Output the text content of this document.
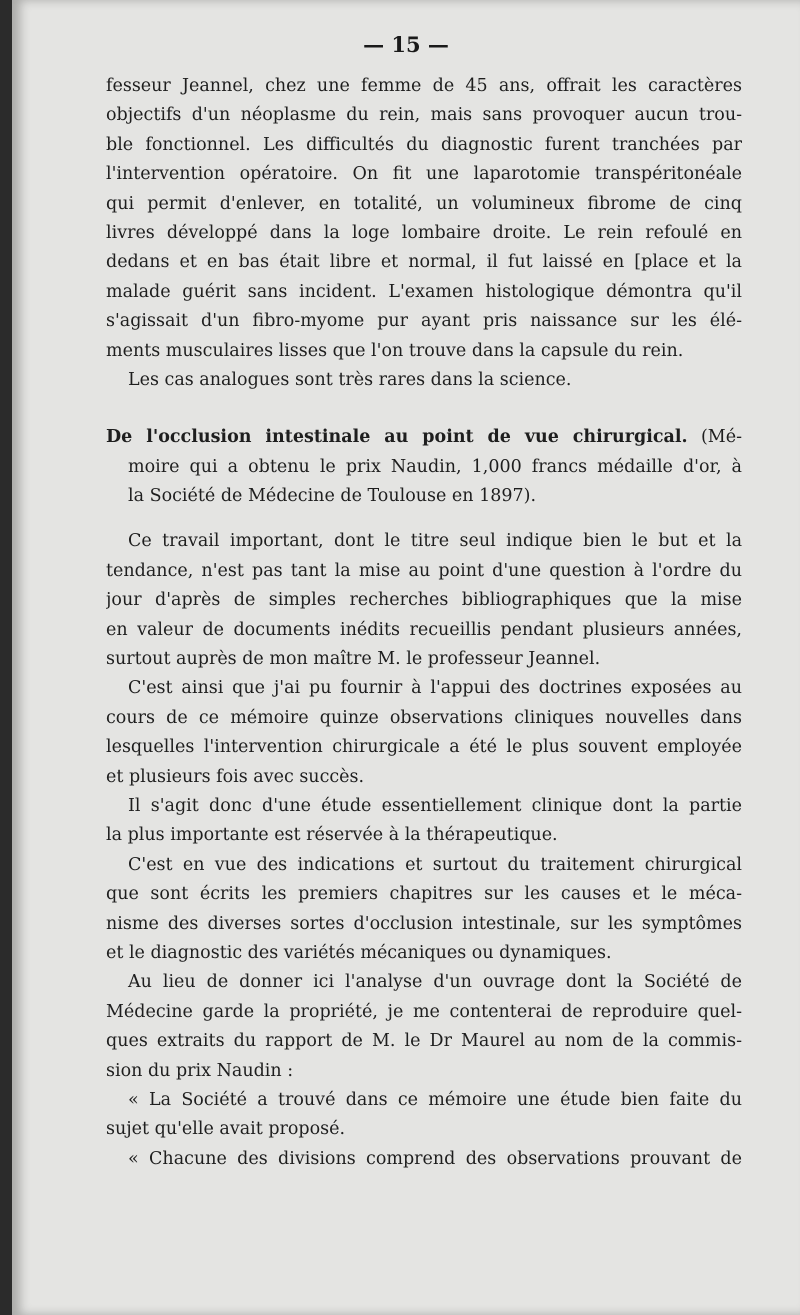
— 15 —
fesseur Jeannel, chez une femme de 45 ans, offrait les caractères
objectifs d'un néoplasme du rein, mais sans provoquer aucun trou-
ble fonctionnel. Les difficultés du diagnostic furent tranchées par
l'intervention opératoire. On fit une laparotomie transpéritonéale
qui permit d'enlever, en totalité, un volumineux fibrome de cinq
livres développé dans la loge lombaire droite. Le rein refoulé en
dedans et en bas était libre et normal, il fut laissé en [place et la
malade guérit sans incident. L'examen histologique démontra qu'il
s'agissait d'un fibro-myome pur ayant pris naissance sur les élé-
ments musculaires lisses que l'on trouve dans la capsule du rein.
Les cas analogues sont très rares dans la science.
De l'occlusion intestinale au point de vue chirurgical. (Mé-
moire qui a obtenu le prix Naudin, 1,000 francs médaille d'or, à
la Société de Médecine de Toulouse en 1897).
Ce travail important, dont le titre seul indique bien le but et la
tendance, n'est pas tant la mise au point d'une question à l'ordre du
jour d'après de simples recherches bibliographiques que la mise
en valeur de documents inédits recueillis pendant plusieurs années,
surtout auprès de mon maître M. le professeur Jeannel.
C'est ainsi que j'ai pu fournir à l'appui des doctrines exposées au
cours de ce mémoire quinze observations cliniques nouvelles dans
lesquelles l'intervention chirurgicale a été le plus souvent employée
et plusieurs fois avec succès.
Il s'agit donc d'une étude essentiellement clinique dont la partie
la plus importante est réservée à la thérapeutique.
C'est en vue des indications et surtout du traitement chirurgical
que sont écrits les premiers chapitres sur les causes et le méca-
nisme des diverses sortes d'occlusion intestinale, sur les symptômes
et le diagnostic des variétés mécaniques ou dynamiques.
Au lieu de donner ici l'analyse d'un ouvrage dont la Société de
Médecine garde la propriété, je me contenterai de reproduire quel-
ques extraits du rapport de M. le Dr Maurel au nom de la commis-
sion du prix Naudin :
« La Société a trouvé dans ce mémoire une étude bien faite du
sujet qu'elle avait proposé.
« Chacune des divisions comprend des observations prouvant de
